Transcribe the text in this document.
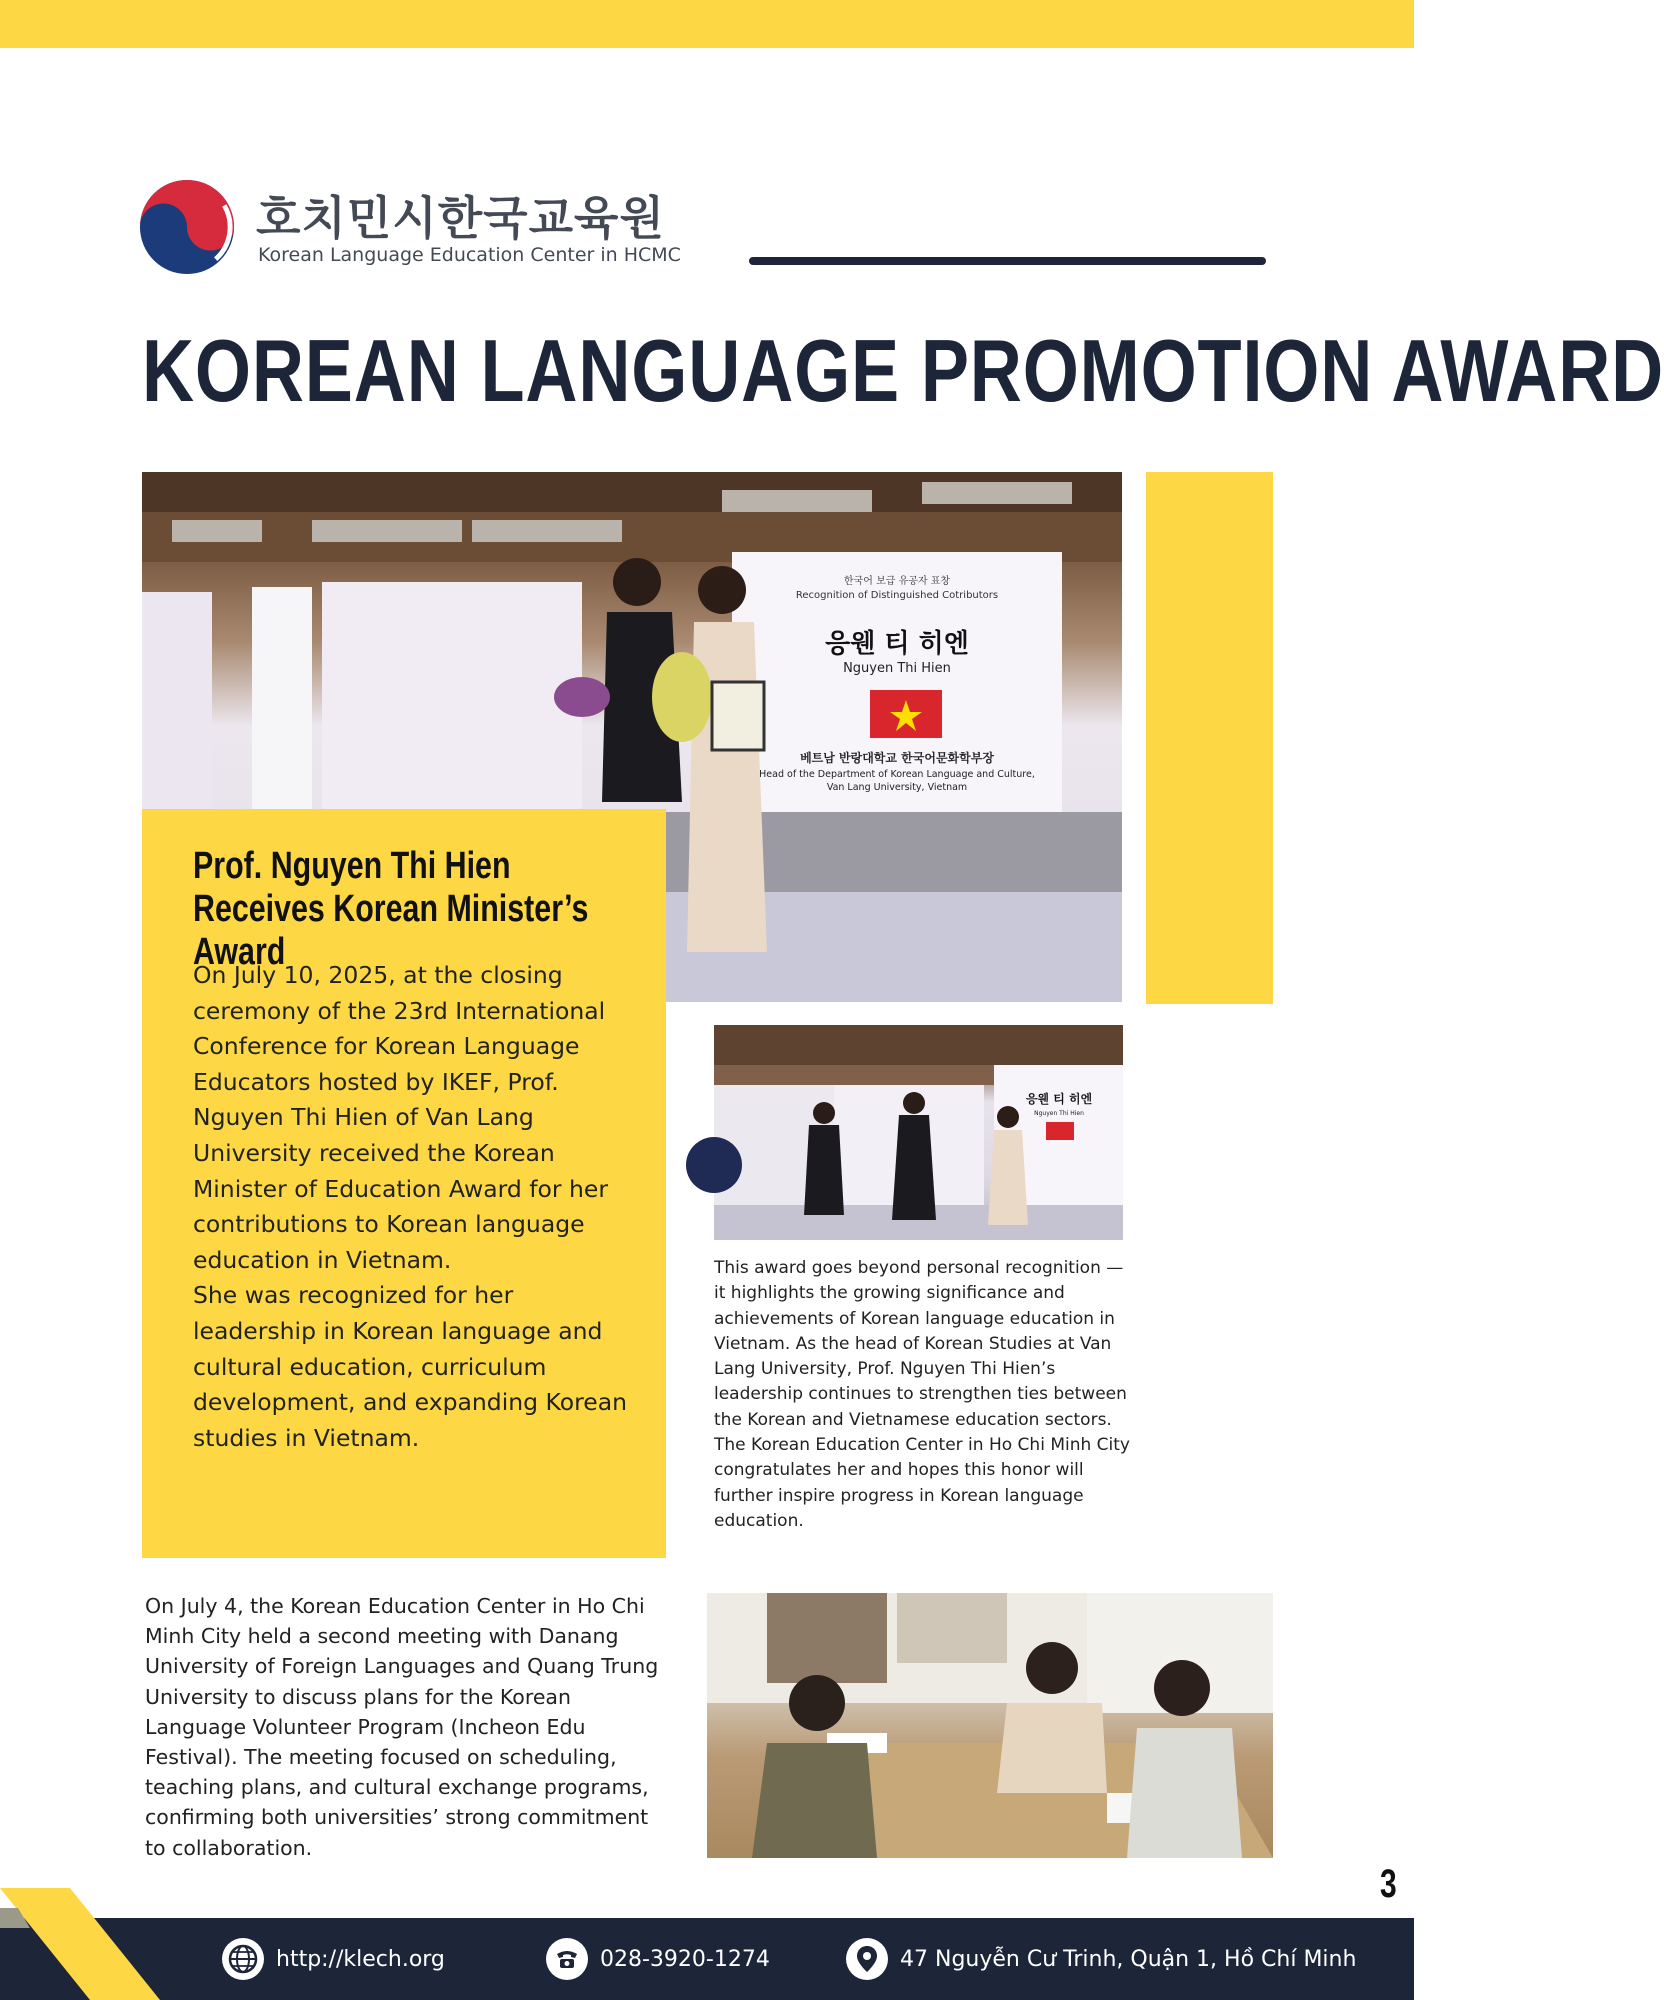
호치민시한국교육원
Korean Language Education Center in HCMC
KOREAN LANGUAGE PROMOTION AWARD
한국어 보급 유공자 표창
Recognition of Distinguished Cotributors
응웬 티 히엔
Nguyen Thi Hien
베트남 반랑대학교 한국어문화학부장
Head of the Department of Korean Language and Culture,
Van Lang University, Vietnam
Prof. Nguyen Thi Hien Receives Korean Minister’s Award

On July 10, 2025, at the closing ceremony of the 23rd International Conference for Korean Language Educators hosted by IKEF, Prof. Nguyen Thi Hien of Van Lang University received the Korean Minister of Education Award for her contributions to Korean language education in Vietnam.

She was recognized for her leadership in Korean language and cultural education, curriculum development, and expanding Korean studies in Vietnam.

응웬 티 히엔
Nguyen Thi Hien
This award goes beyond personal recognition — it highlights the growing significance and achievements of Korean language education in Vietnam. As the head of Korean Studies at Van Lang University, Prof. Nguyen Thi Hien’s leadership continues to strengthen ties between the Korean and Vietnamese education sectors. The Korean Education Center in Ho Chi Minh City congratulates her and hopes this honor will further inspire progress in Korean language education.
On July 4, the Korean Education Center in Ho Chi Minh City held a second meeting with Danang University of Foreign Languages and Quang Trung University to discuss plans for the Korean Language Volunteer Program (Incheon Edu Festival). The meeting focused on scheduling, teaching plans, and cultural exchange programs, confirming both universities’ strong commitment to collaboration.
3
http://klech.org	028-3920-1274	47 Nguyễn Cư Trinh, Quận 1, Hồ Chí Minh
